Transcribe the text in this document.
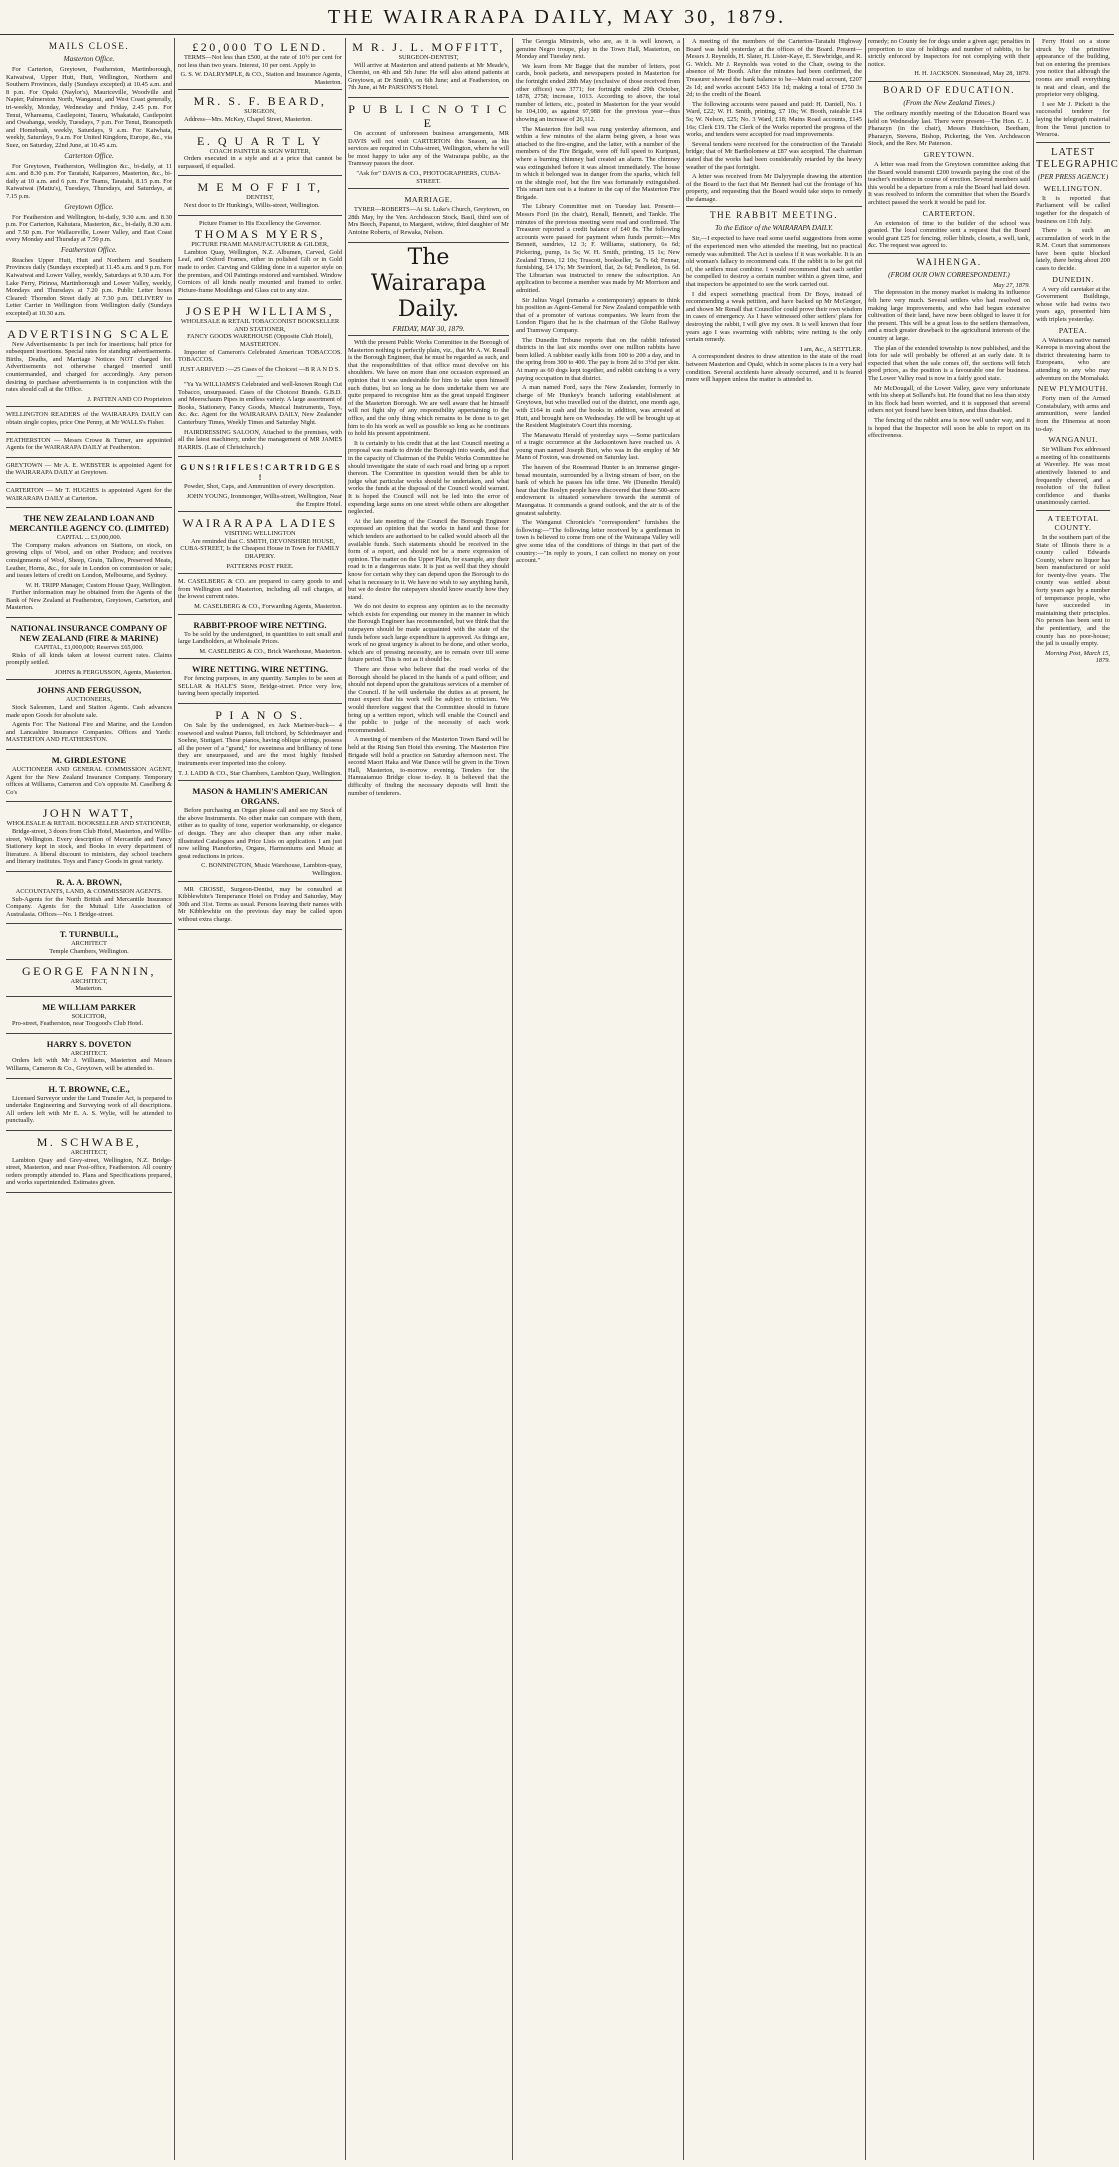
THE WAIRARAPA DAILY, MAY 30, 1879.
MAILS CLOSE.
Masterton Office.

For Carterton, Greytown, Featherston, Martinborough, Kaiwaiwai, Upper Hutt, Hutt, Wellington, Northern and Southern Provinces, daily (Sundays excepted) at 10.45 a.m. and 8 p.m. For Opaki (Naylor's), Mauriceville, Woodville and Napier, Palmerston North, Wanganui, and West Coast generally, tri-weekly, Monday, Wednesday and Friday, 2.45 p.m. For Tenui, Whareama, Castlepoint, Taueru, Whakataki, Castlepoint and Owahanga, weekly, Tuesdays, 7 p.m. For Tenui, Brancepeth and Homebush, weekly, Saturdays, 9 a.m. For Kaiwhata, weekly, Saturdays, 9 a.m. For United Kingdom, Europe, &c., via Suez, on Saturday, 22nd June, at 10.45 a.m.

Carterton Office.

For Greytown, Featherston, Wellington &c., bi-daily, at 11 a.m. and 8.30 p.m. For Taratahi, Kaiparoro, Masterton, &c., bi-daily at 10 a.m. and 6 p.m. For Teams, Taratahi, 8.15 p.m. For Kaiwaiwai (Matiu's), Tuesdays, Thursdays, and Saturdays, at 7.15 p.m.

Greytown Office.

For Featherston and Wellington, bi-daily, 9.30 a.m. and 8.30 p.m. For Carterton, Kahutara, Masterton, &c., bi-daily, 8.30 a.m. and 7.50 p.m. For Wallaceville, Lower Valley, and East Coast every Monday and Thursday at 7.50 p.m.

Featherston Office.

Reaches Upper Hutt, Hutt and Northern and Southern Provinces daily (Sundays excepted) at 11.45 a.m. and 9 p.m. For Kaiwaiwai and Lower Valley, weekly, Saturdays at 9.30 a.m. For Lake Ferry, Pirinoa, Martinborough and Lower Valley, weekly, Mondays and Thursdays at 7.20 p.m. Public Letter boxes Cleared: Thorndon Street daily at 7.30 p.m. DELIVERY to Letter Carrier in Wellington from Wellington daily (Sundays excepted) at 10.30 a.m.

ADVERTISING SCALE

New Advertisements: Is per inch for insertions; half price for subsequent insertions. Special rates for standing advertisements. Births, Deaths, and Marriage Notices NOT charged for. Advertisements not otherwise charged inserted until countermanded, and charged for accordingly. Any person desiring to purchase advertisements is in conjunction with the rates should call at the Office.

J. PATTEN AND CO Proprietors

WELLINGTON READERS of the WAIRARAPA DAILY can obtain single copies, price One Penny, at Mr WALLS's Fisher.

FEATHERSTON — Messrs Crowe & Turner, are appointed Agents for the WAIRARAPA DAILY at Featherston.

GREYTOWN — Mr A. E. WEBSTER is appointed Agent for the WAIRARAPA DAILY at Greytown.

CARTERTON — Mr T. HUGHES is appointed Agent for the WAIRARAPA DAILY at Carterton.

THE NEW ZEALAND LOAN AND MERCANTILE AGENCY CO. (LIMITED)
CAPITAL ... £3,000,000.

The Company makes advances on Stations, on stock, on growing clips of Wool, and on other Produce; and receives consignments of Wool, Sheep, Grain, Tallow, Preserved Meats, Leather, Horns, &c., for sale in London on commission or sale; and issues letters of credit on London, Melbourne, and Sydney.

W. H. TRIPP Manager, Custom House Quay, Wellington.

Further information may be obtained from the Agents of the Bank of New Zealand at Featherston, Greytown, Carterton, and Masterton.

NATIONAL INSURANCE COMPANY OF NEW ZEALAND (FIRE & MARINE)
CAPITAL, £1,000,000; Reserves £65,000.

Risks of all kinds taken at lowest current rates. Claims promptly settled.

JOHNS & FERGUSSON, Agents, Masterton.
JOHNS AND FERGUSSON,
AUCTIONEERS,

Stock Salesmen, Land and Station Agents. Cash advances made upon Goods for absolute sale.

Agents For: The National Fire and Marine, and the London and Lancashire Insurance Companies. Offices and Yards: MASTERTON AND FEATHERSTON.

M. GIRDLESTONE

AUCTIONEER AND GENERAL COMMISSION AGENT, Agent for the New Zealand Insurance Company. Temporary offices at Williams, Cameron and Co's opposite M. Caselberg & Co's

JOHN WATT,
WHOLESALE & RETAIL BOOKSELLER AND STATIONER,

Bridge-street, 3 doors from Club Hotel, Masterton, and Willis-street, Wellington. Every description of Mercantile and Fancy Stationery kept in stock, and Books in every department of literature. A liberal discount to ministers, day school teachers and literary institutes. Toys and Fancy Goods in great variety.

R. A. A. BROWN,
ACCOUNTANTS, LAND, & COMMISSION AGENTS.

Sub-Agents for the North British and Mercantile Insurance Company. Agents for the Mutual Life Association of Australasia. Offices—No. 1 Bridge-street.

T. TURNBULL,
ARCHITECT
Temple Chambers, Wellington.
GEORGE FANNIN,
ARCHITECT,
Masterton.
ME WILLIAM PARKER
SOLICITOR,

Pro-street, Featherston, near Toogood's Club Hotel.

HARRY S. DOVETON
ARCHITECT.

Orders left with Mr J. Williams, Masterton and Messrs Williams, Cameron & Co., Greytown, will be attended to.

H. T. BROWNE, C.E.,

Licensed Surveyor under the Land Transfer Act, is prepared to undertake Engineering and Surveying work of all descriptions. All orders left with Mr E. A. S. Wylie, will be attended to punctually.

M. SCHWABE,
ARCHITECT,

Lambton Quay and Grey-street, Wellington, N.Z. Bridge-street, Masterton, and near Post-office, Featherston. All country orders promptly attended to. Plans and Specifications prepared, and works superintended. Estimates given.

£20,000 TO LEND.

TERMS—Not less than £500, at the rate of 10½ per cent for not less than two years. Interest, 10 per cent. Apply to

G. S. W. DALRYMPLE, & CO., Station and Insurance Agents, Masterton.
MR. S. F. BEARD,
SURGEON,

Address—Mrs. McKey, Chapel Street, Masterton.

E. Q U A R T L Y
COACH PAINTER & SIGN WRITER,

Orders executed in a style and at a price that cannot be surpassed, if equalled.

M E M O F F I T,
DENTIST,

Next door to Dr Hunking's, Willis-street, Wellington.

Picture Framer to His Excellency the Governor.
THOMAS MYERS,
PICTURE FRAME MANUFACTURER & GILDER,

Lambton Quay, Wellington, N.Z. Albumen, Carved, Gold Leaf, and Oxford Frames, either in polished Gilt or in Gold made to order. Carving and Gilding done in a superior style on the premises, and Oil Paintings restored and varnished. Window Cornices of all kinds neatly mounted and framed to order. Picture-frame Mouldings and Glass cut to any size.

JOSEPH WILLIAMS,
WHOLESALE & RETAIL TOBACCONIST BOOKSELLER AND STATIONER,
FANCY GOODS WAREHOUSE (Opposite Club Hotel), MASTERTON.

Importer of Cameron's Celebrated American TOBACCOS. TOBACCOS.

JUST ARRIVED :—25 Cases of the Choicest —B R A N D S.—

"Ya Ya WILLIAMS'S Celebrated and well-known Rough Cut Tobacco, unsurpassed. Cases of the Choicest Brands. G.B.D. and Meerschaum Pipes in endless variety. A large assortment of Books, Stationery, Fancy Goods, Musical Instruments, Toys, &c. &c. Agent for the WAIRARAPA DAILY, New Zealander Canterbury Times, Weekly Times and Saturday Night.

HAIRDRESSING SALOON, Attached to the premises, with all the latest machinery, under the management of MR JAMES HARRIS. (Late of Christchurch.)

G U N S ! R I F L E S ! C A R T R I D G E S !

Powder, Shot, Caps, and Ammunition of every description.

JOHN YOUNG, Ironmonger, Willis-street, Wellington, Near the Empire Hotel.
WAIRARAPA LADIES
VISITING WELLINGTON

Are reminded that C. SMITH, DEVONSHIRE HOUSE, CUBA-STREET, Is the Cheapest House in Town for FAMILY DRAPERY.

PATTERNS POST FREE.

M. CASELBERG & CO. are prepared to carry goods to and from Wellington and Masterton, including all rail charges, at the lowest current rates.

M. CASELBERG & CO., Forwarding Agents, Masterton.
RABBIT-PROOF WIRE NETTING.

To be sold by the undersigned, in quantities to suit small and large Landholders, at Wholesale Prices.

M. CASELBERG & CO., Brick Warehouse, Masterton.
WIRE NETTING. WIRE NETTING.

For fencing purposes, in any quantity. Samples to be seen at SELLAR & HALE'S Store, Bridge-street. Price very low, having been specially imported.

P I A N O S.

On Sale by the undersigned, ex Jack Mariner-buck— 4 rosewood and walnut Pianos, full trichord, by Schiedmayer and Soehne, Stuttgart. These pianos, having oblique strings, possess all the power of a "grand," for sweetness and brilliancy of tone they are unsurpassed, and are the most highly finished instruments ever imported into the colony.

T. J. LADD & CO., Star Chambers, Lambton Quay, Wellington.
MASON & HAMLIN'S AMERICAN ORGANS.

Before purchasing an Organ please call and see my Stock of the above Instruments. No other make can compare with them, either as to quality of tone, superior workmanship, or elegance of design. They are also cheaper than any other make. Illustrated Catalogues and Price Lists on application. I am just now selling Pianofortes, Organs, Harmoniums and Music at great reductions in prices.

C. BONNINGTON, Music Warehouse, Lambton-quay, Wellington.

MR CROSSE, Surgeon-Dentist, may be consulted at Kibblewhite's Temperance Hotel on Friday and Saturday, May 30th and 31st. Terms as usual. Persons leaving their names with Mr Kibblewhite on the previous day may be called upon without extra charge.

M R. J. L. MOFFITT,
SURGEON-DENTIST,

Will arrive at Masterton and attend patients at Mr Meade's, Chemist, on 4th and 5th June: He will also attend patients at Greytown, at Dr Smith's, on 6th June; and at Featherston, on 7th June, at Mr PARSONS'S Hotel.

P U B L I C N O T I C E

On account of unforeseen business arrangements, MR DAVIS will not visit CARTERTON this Season, as his services are required in Cuba-street, Wellington, where he will be most happy to take any of the Wairarapa public, as the Tramway passes the door.

"Ask for" DAVIS & CO., PHOTOGRAPHERS, CUBA-STREET.
MARRIAGE.

TYRER—ROBERTS—At St. Luke's Church, Greytown, on 28th May, by the Ven. Archdeacon Stock, Basil, third son of Mrs Beech, Papanui, to Margaret, widow, third daughter of Mr Antoine Roberts, of Rewaka, Nelson.

The Wairarapa Daily.
FRIDAY, MAY 30, 1879.

With the present Public Works Committee in the Borough of Masterton nothing is perfectly plain, viz., that Mr A. W. Renall is the Borough Engineer, that he must be regarded as such, and that the responsibilities of that office must devolve on his shoulders. We have on more than one occasion expressed an opinion that it was undesirable for him to take upon himself such duties, but so long as he does undertake them we are quite prepared to recognise him as the great unpaid Engineer of the Masterton Borough. We are well aware that he himself will not fight shy of any responsibility appertaining to the office, and the only thing which remains to be done is to get him to do his work as well as possible so long as he continues to hold his present appointment.

It is certainly to his credit that at the last Council meeting a proposal was made to divide the Borough into wards, and that in the capacity of Chairman of the Public Works Committee he should investigate the state of each road and bring up a report thereon. The Committee in question would then be able to judge what particular works should be undertaken, and what works the funds at the disposal of the Council would warrant. It is hoped the Council will not be led into the error of expending large sums on one street while others are altogether neglected.

At the late meeting of the Council the Borough Engineer expressed an opinion that the works in hand and those for which tenders are authorised to be called would absorb all the available funds. Such statements should be received in the form of a report, and should not be a mere expression of opinion. The matter on the Upper Plain, for example, any their road is in a dangerous state. It is just as well that they should know for certain why they can depend upon the Borough to do what is necessary to it. We have no wish to say anything harsh, but we do desire the ratepayers should know exactly how they stand.

We do not desire to express any opinion as to the necessity which exists for expending our money in the manner in which the Borough Engineer has recommended, but we think that the ratepayers should be made acquainted with the state of the funds before such large expenditure is approved. As things are, work of no great urgency is about to be done, and other works, which are of pressing necessity, are to remain over till some future period. This is not as it should be.

There are those who believe that the road works of the Borough should be placed in the hands of a paid officer, and should not depend upon the gratuitous services of a member of the Council. If he will undertake the duties as at present, he must expect that his work will be subject to criticism. We would therefore suggest that the Committee should in future bring up a written report, which will enable the Council and the public to judge of the necessity of each work recommended.

A meeting of members of the Masterton Town Band will be held at the Rising Sun Hotel this evening. The Masterton Fire Brigade will hold a practice on Saturday afternoon next. The second Maori Haka and War Dance will be given in the Town Hall, Masterton, to-morrow evening. Tenders for the Hamuaiamuo Bridge close to-day. It is believed that the difficulty of finding the necessary deposits will limit the number of tenderers.

The Georgia Minstrels, who are, as it is well known, a genuine Negro troupe, play in the Town Hall, Masterton, on Monday and Tuesday next.

We learn from Mr Bagge that the number of letters, post cards, book packets, and newspapers posted in Masterton for the fortnight ended 28th May (exclusive of those received from other offices) was 3771; for fortnight ended 29th October, 1878, 2758; increase, 1013. According to above, the total number of letters, etc., posted in Masterton for the year would be 104,100, as against 97,988 for the previous year—thus showing an increase of 26,112.

The Masterton fire bell was rung yesterday afternoon, and within a few minutes of the alarm being given, a hose was attached to the fire-engine, and the latter, with a number of the members of the Fire Brigade, were off full speed to Kuripuni, where a burning chimney had created an alarm. The chimney was extinguished before it was almost immediately. The house in which it belonged was in danger from the sparks, which fell on the shingle roof, but the fire was fortunately extinguished. This smart turn out is a feature in the cap of the Masterton Fire Brigade.

The Library Committee met on Tuesday last. Present—Messrs Ford (in the chair), Renall, Bennett, and Tankle. The minutes of the previous meeting were read and confirmed. The Treasurer reported a credit balance of £40 8s. The following accounts were passed for payment when funds permit:—Mrs Bennett, sundries, 12 3; F. Williams, stationery, 6s 6d; Pickering, pump, 1s 5s; W. H. Smith, printing, 15 1s; New Zealand Times, 12 10s; Truscott, bookseller, 5s 7s 6d; Fennar, furnishing, £4 17s; Mr Swinford, flat, 2s 6d; Pendleton, 1s 6d. The Librarian was instructed to renew the subscription. An application to become a member was made by Mr Morrison and admitted.

Sir Julius Vogel (remarks a contemporary) appears to think his position as Agent-General for New Zealand compatible with that of a promoter of various companies. We learn from the London Figaro that he is the chairman of the Globe Railway and Tramway Company.

The Dunedin Tribune reports that on the rabbit infested districts in the last six months over one million rabbits have been killed. A rabbiter easily kills from 100 to 200 a day, and in the spring from 300 to 400. The pay is from 2d to 3½d per skin. At many as 60 dogs kept together, and rabbit catching is a very paying occupation in that district.

A man named Ford, says the New Zealander, formerly in charge of Mr Hunkey's branch tailoring establishment at Greytown, but who travelled out of the district, one month ago, with £164 in cash and the books in addition, was arrested at Hutt, and brought here on Wednesday. He will be brought up at the Resident Magistrate's Court this morning.

The Manawatu Herald of yesterday says —Some particulars of a tragic occurrence at the Jacksontown have reached us. A young man named Joseph Burt, who was in the employ of Mr Mann of Foxton, was drowned on Saturday last.

The heaven of the Rosemead Hunter is an immense ginger-bread mountain, surrounded by a living stream of beer, on the bank of which he passes his idle time. We (Dunedin Herald) hear that the Roslyn people have discovered that these 500-acre endowment is situated somewhere towards the summit of Maungatua. It commands a grand outlook, and the air is of the greatest salubrity.

The Wanganui Chronicle's "correspondent" furnishes the following:—"The following letter received by a gentleman in town is believed to come from one of the Wairarapa Valley will give some idea of the conditions of things in that part of the country:—"In reply to yours, I can collect no money on your account."

A meeting of the members of the Carterton-Taratahi Highway Board was held yesterday at the offices of the Board. Present—Messrs J. Reynolds, H. Slater, H. Lister-Kaye, E. Stewbridge, and R. G. Welch. Mr J. Reynolds was voted to the Chair, owing to the absence of Mr Booth. After the minutes had been confirmed, the Treasurer showed the bank balance to be—Main road account, £207 2s 1d; and works account £453 16s 1d; making a total of £750 3s 2d; to the credit of the Board.

The following accounts were passed and paid: H. Daniell, No. 1 Ward, £22; W. H. Smith, printing, £7 10s; W. Booth, rateable £14 5s; W. Nelson, £25; No. 3 Ward, £18; Mains Road accounts, £145 16s; Clerk £19. The Clerk of the Works reported the progress of the works, and tenders were accepted for road improvements.

Several tenders were received for the construction of the Taratahi bridge; that of Mr Bartholomew at £87 was accepted. The chairman stated that the works had been considerably retarded by the heavy weather of the past fortnight.

A letter was received from Mr Dalyrymple drawing the attention of the Board to the fact that Mr Bennett had cut the frontage of his property, and requesting that the Board would take steps to remedy the damage.

THE RABBIT MEETING.
To the Editor of the WAIRARAPA DAILY.

Sir,—I expected to have read some useful suggestions from some of the experienced men who attended the meeting, but no practical remedy was submitted. The Act is useless if it was workable. It is an old woman's fallacy to recommend cats. If the rabbit is to be got rid of, the settlers must combine. I would recommend that each settler be compelled to destroy a certain number within a given time, and that inspectors be appointed to see the work carried out.

I did expect something practical from Dr Boys, instead of recommending a weak petition, and have backed up Mr McGregor, and shown Mr Renall that Councillor could prove their own wisdom in cases of emergency. As I have witnessed other settlers' plans for destroying the rabbit, I will give my own. It is well known that four years ago I was swarming with rabbits; wire netting is the only certain remedy.

I am, &c., A SETTLER.

A correspondent desires to draw attention to the state of the road between Masterton and Opaki, which in some places is in a very bad condition. Several accidents have already occurred, and it is feared more will happen unless the matter is attended to.

remedy; no County fee for dogs under a given age; penalties in proportion to size of holdings and number of rabbits, to be strictly enforced by Inspectors for not complying with their notice.

H. H. JACKSON. Stonestead, May 28, 1879.
BOARD OF EDUCATION.
(From the New Zealand Times.)

The ordinary monthly meeting of the Education Board was held on Wednesday last. There were present—The Hon. C. J. Pharazyn (in the chair), Messrs Hutchison, Beetham, Pharazyn, Stevens, Bishop, Pickering, the Ven. Archdeacon Stock, and the Rev. Mr Paterson.

GREYTOWN.

A letter was read from the Greytown committee asking that the Board would transmit £200 towards paying the cost of the teacher's residence in course of erection. Several members said this would be a departure from a rule the Board had laid down. It was resolved to inform the committee that when the Board's architect passed the work it would be paid for.

CARTERTON.

An extension of time to the builder of the school was granted. The local committee sent a request that the Board would grant £25 for fencing, roller blinds, closets, a well, tank, &c. The request was agreed to.

WAIHENGA.
(FROM OUR OWN CORRESPONDENT.)
May 27, 1879.

The depression in the money market is making its influence felt here very much. Several settlers who had resolved on making large improvements, and who had begun extensive cultivation of their land, have now been obliged to leave it for the present. This will be a great loss to the settlers themselves, and a much greater drawback to the agricultural interests of the country at large.

The plan of the extended township is now published, and the lots for sale will probably be offered at an early date. It is expected that when the sale comes off, the sections will fetch good prices, as the position is a favourable one for business. The Lower Valley road is now in a fairly good state.

Mr McDougall, of the Lower Valley, gave very unfortunate with his sheep at Solland's hut. He found that no less than sixty in his flock had been worried, and it is supposed that several others not yet found have been bitten, and thus disabled.

The fencing of the rabbit area is now well under way, and it is hoped that the Inspector will soon be able to report on its effectiveness.

Ferry Hotel on a stone struck by the primitive appearance of the building, but on entering the premises you notice that although the rooms are small everything is neat and clean, and the proprietor very obliging.

I see Mr J. Pickett is the successful tenderer for laying the telegraph material from the Tenui junction to Weraroa.

LATEST TELEGRAPHIC
(PER PRESS AGENCY.)
WELLINGTON.

It is reported that Parliament will be called together for the despatch of business on 11th July.

There is such an accumulation of work in the R.M. Court that summonses have been quite blocked lately, there being about 200 cases to decide.

DUNEDIN.

A very old caretaker at the Government Buildings, whose wife had twins two years ago, presented him with triplets yesterday.

PATEA.

A Waitotara native named Kereopa is moving about the district threatening harm to Europeans, who are attending to any who may adventure on the Momahaki.

NEW PLYMOUTH.

Forty men of the Armed Constabulary, with arms and ammunition, were landed from the Hinemoa at noon to-day.

WANGANUI.

Sir William Fox addressed a meeting of his constituents at Waverley. He was most attentively listened to and frequently cheered, and a resolution of the fullest confidence and thanks unanimously carried.

A TEETOTAL COUNTY.

In the southern part of the State of Illinois there is a county called Edwards County, where no liquor has been manufactured or sold for twenty-five years. The county was settled about forty years ago by a number of temperance people, who have succeeded in maintaining their principles. No person has been sent to the penitentiary, and the county has no poor-house; the jail is usually empty.

Morning Post, March 15, 1879.
